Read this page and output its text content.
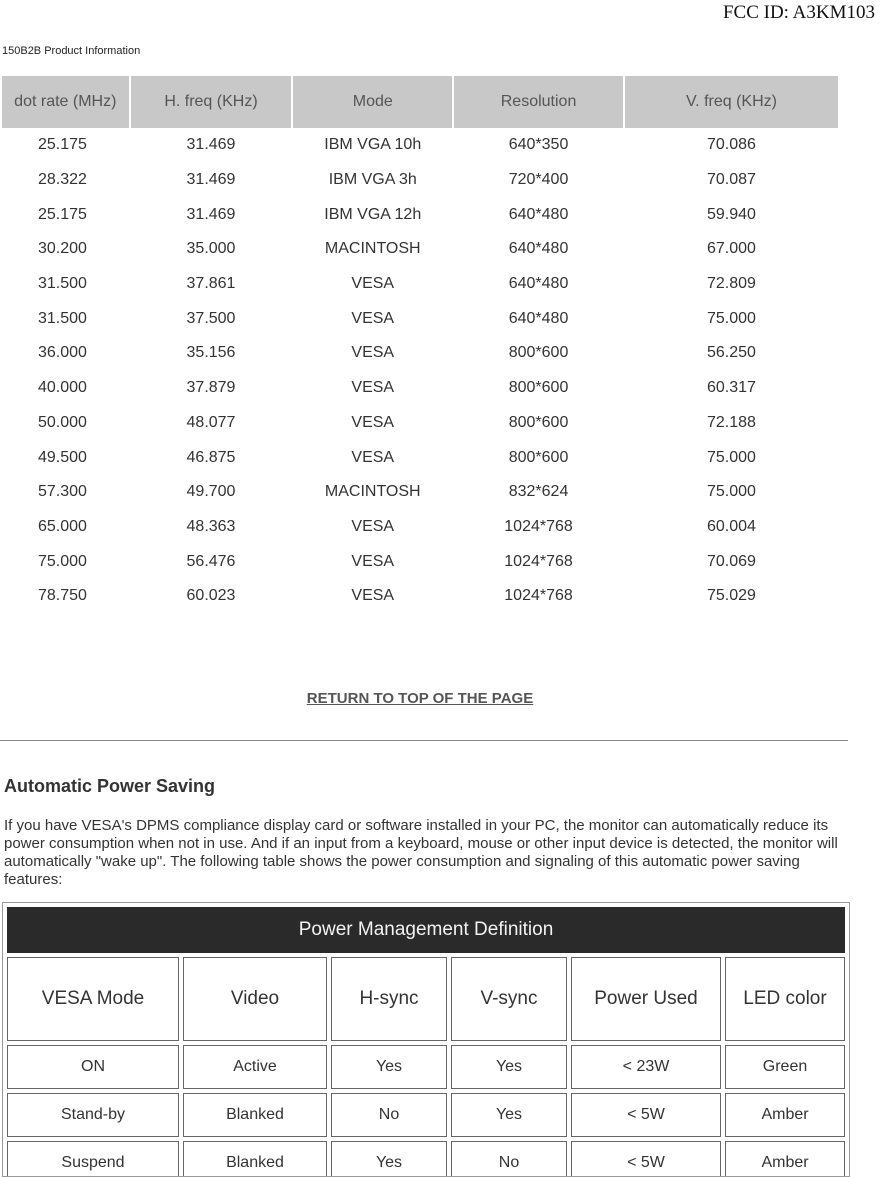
FCC ID: A3KM103
150B2B Product Information
dot rate (MHz)	H. freq (KHz)	Mode	Resolution	V. freq (KHz)
25.175	31.469	IBM VGA 10h	640*350	70.086
28.322	31.469	IBM VGA 3h	720*400	70.087
25.175	31.469	IBM VGA 12h	640*480	59.940
30.200	35.000	MACINTOSH	640*480	67.000
31.500	37.861	VESA	640*480	72.809
31.500	37.500	VESA	640*480	75.000
36.000	35.156	VESA	800*600	56.250
40.000	37.879	VESA	800*600	60.317
50.000	48.077	VESA	800*600	72.188
49.500	46.875	VESA	800*600	75.000
57.300	49.700	MACINTOSH	832*624	75.000
65.000	48.363	VESA	1024*768	60.004
75.000	56.476	VESA	1024*768	70.069
78.750	60.023	VESA	1024*768	75.029
RETURN TO TOP OF THE PAGE
Automatic Power Saving
If you have VESA's DPMS compliance display card or software installed in your PC, the monitor can automatically reduce its power consumption when not in use. And if an input from a keyboard, mouse or other input device is detected, the monitor will automatically "wake up". The following table shows the power consumption and signaling of this automatic power saving features:
Power Management Definition					
VESA Mode	Video	H-sync	V-sync	Power Used	LED color
ON	Active	Yes	Yes	< 23W	Green
Stand-by	Blanked	No	Yes	< 5W	Amber
Suspend	Blanked	Yes	No	< 5W	Amber
